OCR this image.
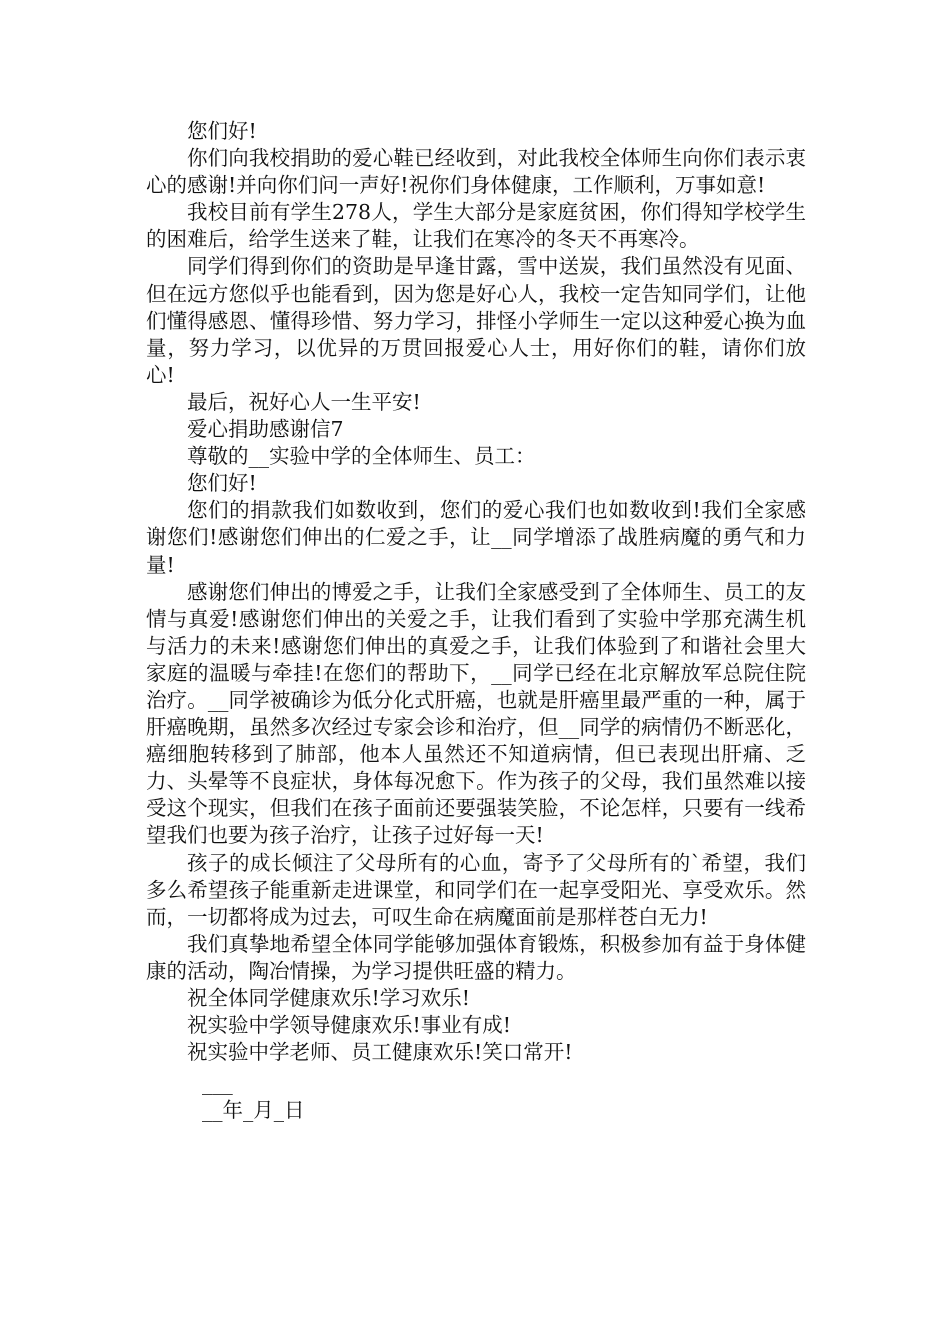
您们好!

你们向我校捐助的爱心鞋已经收到，对此我校全体师生向你们表示衷心的感谢!并向你们问一声好!祝你们身体健康，工作顺利，万事如意!

我校目前有学生278人，学生大部分是家庭贫困，你们得知学校学生的困难后，给学生送来了鞋，让我们在寒冷的冬天不再寒冷。

同学们得到你们的资助是早逢甘露，雪中送炭，我们虽然没有见面、但在远方您似乎也能看到，因为您是好心人，我校一定告知同学们，让他们懂得感恩、懂得珍惜、努力学习，排怪小学师生一定以这种爱心换为血量，努力学习，以优异的万贯回报爱心人士，用好你们的鞋，请你们放心!

最后，祝好心人一生平安!

爱心捐助感谢信7

尊敬的__实验中学的全体师生、员工：

您们好!

您们的捐款我们如数收到，您们的爱心我们也如数收到!我们全家感谢您们!感谢您们伸出的仁爱之手，让__同学增添了战胜病魔的勇气和力量!

感谢您们伸出的博爱之手，让我们全家感受到了全体师生、员工的友情与真爱!感谢您们伸出的关爱之手，让我们看到了实验中学那充满生机与活力的未来!感谢您们伸出的真爱之手，让我们体验到了和谐社会里大家庭的温暖与牵挂!在您们的帮助下，__同学已经在北京解放军总院住院治疗。__同学被确诊为低分化式肝癌，也就是肝癌里最严重的一种，属于肝癌晚期，虽然多次经过专家会诊和治疗，但__同学的病情仍不断恶化，癌细胞转移到了肺部，他本人虽然还不知道病情，但已表现出肝痛、乏力、头晕等不良症状，身体每况愈下。作为孩子的父母，我们虽然难以接受这个现实，但我们在孩子面前还要强装笑脸，不论怎样，只要有一线希望我们也要为孩子治疗，让孩子过好每一天!

孩子的成长倾注了父母所有的心血，寄予了父母所有的`希望，我们多么希望孩子能重新走进课堂，和同学们在一起享受阳光、享受欢乐。然而，一切都将成为过去，可叹生命在病魔面前是那样苍白无力!

我们真挚地希望全体同学能够加强体育锻炼，积极参加有益于身体健康的活动，陶冶情操，为学习提供旺盛的精力。

祝全体同学健康欢乐!学习欢乐!

祝实验中学领导健康欢乐!事业有成!

祝实验中学老师、员工健康欢乐!笑口常开!

___
__年_月_日
